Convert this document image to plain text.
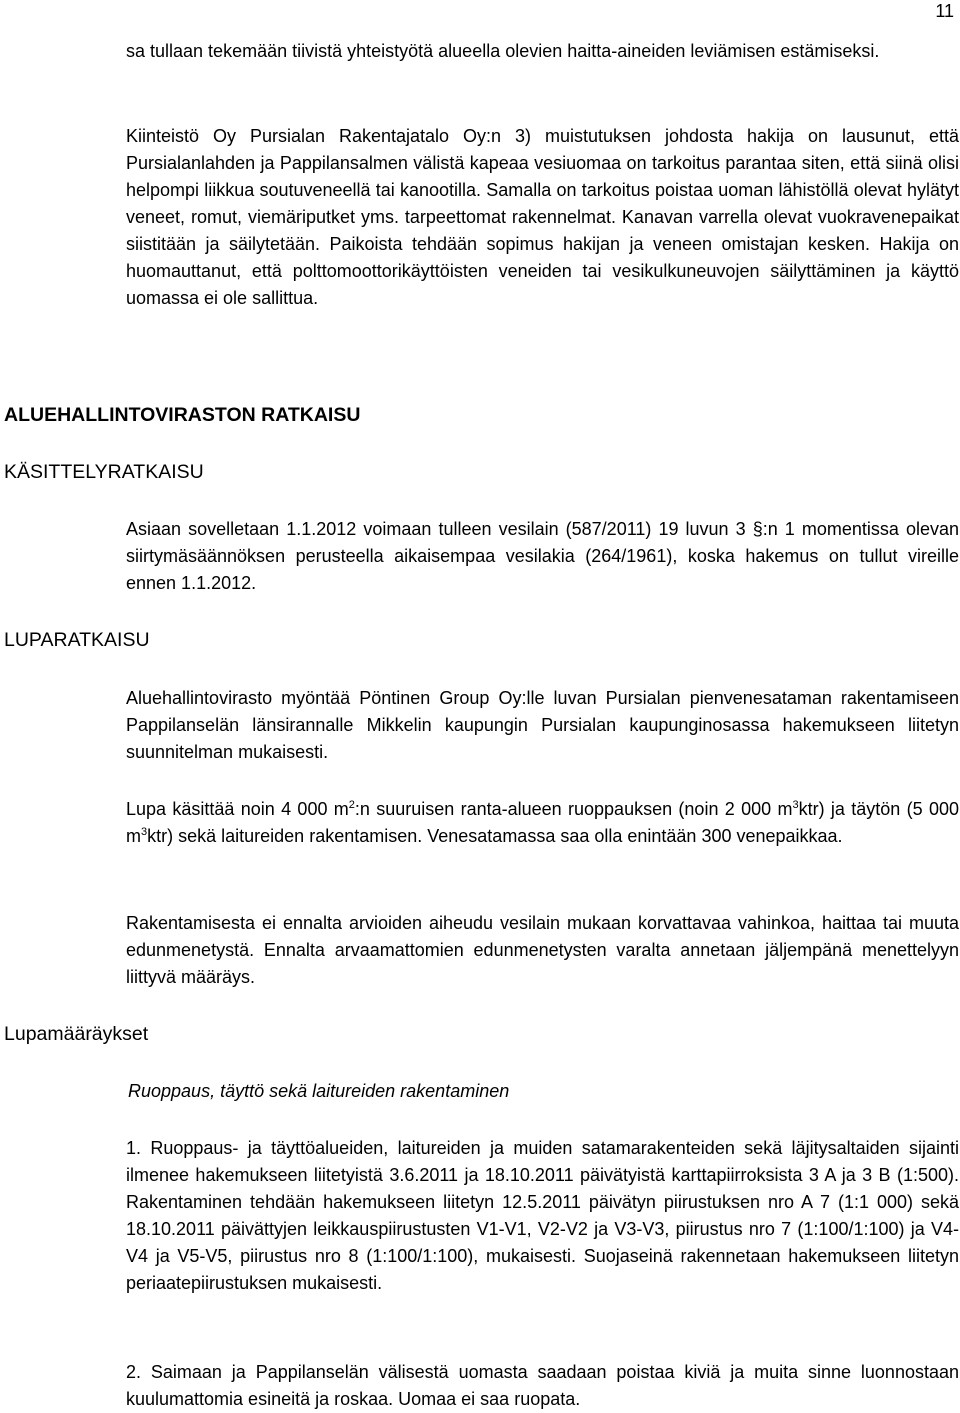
11

sa tullaan tekemään tiivistä yhteistyötä alueella olevien haitta-aineiden leviämisen estämiseksi.

Kiinteistö Oy Pursialan Rakentajatalo Oy:n 3) muistutuksen johdosta hakija on lausunut, että Pursialanlahden ja Pappilansalmen välistä kapeaa vesiuomaa on tarkoitus parantaa siten, että siinä olisi helpompi liikkua soutuveneellä tai kanootilla. Samalla on tarkoitus poistaa uoman lähistöllä olevat hylätyt veneet, romut, viemäriputket yms. tarpeettomat rakennelmat. Kanavan varrella olevat vuokravenepaikat siistitään ja säilytetään. Paikoista tehdään sopimus hakijan ja veneen omistajan kesken. Hakija on huomauttanut, että polttomoottorikäyttöisten veneiden tai vesikulkuneuvojen säilyttäminen ja käyttö uomassa ei ole sallittua.

ALUEHALLINTOVIRASTON RATKAISU
KÄSITTELYRATKAISU

Asiaan sovelletaan 1.1.2012 voimaan tulleen vesilain (587/2011) 19 luvun 3 §:n 1 momentissa olevan siirtymäsäännöksen perusteella aikaisempaa vesilakia (264/1961), koska hakemus on tullut vireille ennen 1.1.2012.

LUPARATKAISU

Aluehallintovirasto myöntää Pöntinen Group Oy:lle luvan Pursialan pienvenesataman rakentamiseen Pappilanselän länsirannalle Mikkelin kaupungin Pursialan kaupunginosassa hakemukseen liitetyn suunnitelman mukaisesti.

Lupa käsittää noin 4 000 $m^2:n$ suuruisen ranta-alueen ruoppauksen (noin 2 000 $m^3ktr$) ja täytön (5 000 $m^3ktr$) sekä laitureiden rakentamisen. Venesatamassa saa olla enintään 300 venepaikkaa.

Rakentamisesta ei ennalta arvioiden aiheudu vesilain mukaan korvattavaa vahinkoa, haittaa tai muuta edunmenetystä. Ennalta arvaamattomien edunmenetysten varalta annetaan jäljempänä menettelyyn liittyvä määräys.

Lupamääräykset
Ruoppaus, täyttö sekä laitureiden rakentaminen

1. Ruoppaus- ja täyttöalueiden, laitureiden ja muiden satamarakenteiden sekä läjitysaltaiden sijainti ilmenee hakemukseen liitetyistä 3.6.2011 ja 18.10.2011 päivätyistä karttapiirroksista 3 A ja 3 B (1:500). Rakentaminen tehdään hakemukseen liitetyn 12.5.2011 päivätyn piirustuksen nro A 7 (1:1 000) sekä 18.10.2011 päivättyjen leikkauspiirustusten V1-V1, V2-V2 ja V3-V3, piirustus nro 7 (1:100/1:100) ja V4-V4 ja V5-V5, piirustus nro 8 (1:100/1:100), mukaisesti. Suojaseinä rakennetaan hakemukseen liitetyn periaatepiirustuksen mukaisesti.

2. Saimaan ja Pappilanselän välisestä uomasta saadaan poistaa kiviä ja muita sinne luonnostaan kuulumattomia esineitä ja roskaa. Uomaa ei saa ruopata.
